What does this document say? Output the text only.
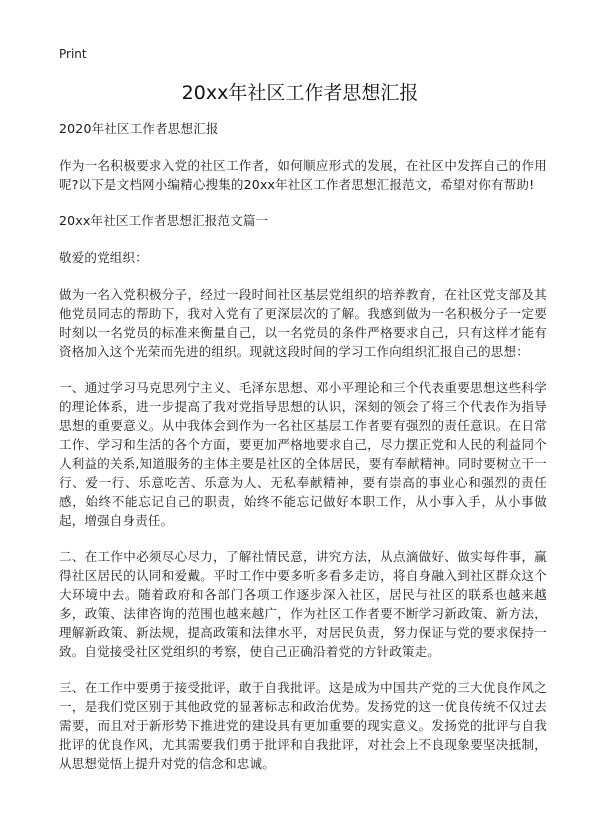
Print
20xx年社区工作者思想汇报

2020年社区工作者思想汇报

作为一名积极要求入党的社区工作者，如何顺应形式的发展，在社区中发挥自己的作用呢?以下是文档网小编精心搜集的20xx年社区工作者思想汇报范文，希望对你有帮助!

20xx年社区工作者思想汇报范文篇一

敬爱的党组织：

做为一名入党积极分子，经过一段时间社区基层党组织的培养教育，在社区党支部及其他党员同志的帮助下，我对入党有了更深层次的了解。我感到做为一名积极分子一定要时刻以一名党员的标准来衡量自己，以一名党员的条件严格要求自己，只有这样才能有资格加入这个光荣而先进的组织。现就这段时间的学习工作向组织汇报自己的思想：

一、通过学习马克思列宁主义、毛泽东思想、邓小平理论和三个代表重要思想这些科学的理论体系，进一步提高了我对党指导思想的认识，深刻的领会了将三个代表作为指导思想的重要意义。从中我体会到作为一名社区基层工作者要有强烈的责任意识。在日常工作、学习和生活的各个方面，要更加严格地要求自己，尽力摆正党和人民的利益同个人利益的关系,知道服务的主体主要是社区的全体居民，要有奉献精神。同时要树立干一行、爱一行、乐意吃苦、乐意为人、无私奉献精神，要有崇高的事业心和强烈的责任感，始终不能忘记自己的职责，始终不能忘记做好本职工作，从小事入手，从小事做起，增强自身责任。

二、在工作中必须尽心尽力，了解社情民意，讲究方法，从点滴做好、做实每件事，赢得社区居民的认同和爱戴。平时工作中要多听多看多走访，将自身融入到社区群众这个大环境中去。随着政府和各部门各项工作逐步深入社区，居民与社区的联系也越来越多，政策、法律咨询的范围也越来越广，作为社区工作者要不断学习新政策、新方法，理解新政策、新法规，提高政策和法律水平，对居民负责，努力保证与党的要求保持一致。自觉接受社区党组织的考察，使自己正确沿着党的方针政策走。

三、在工作中要勇于接受批评，敢于自我批评。这是成为中国共产党的三大优良作风之一，是我们党区别于其他政党的显著标志和政治优势。发扬党的这一优良传统不仅过去需要，而且对于新形势下推进党的建设具有更加重要的现实意义。发扬党的批评与自我批评的优良作风，尤其需要我们勇于批评和自我批评，对社会上不良现象要坚决抵制，从思想觉悟上提升对党的信念和忠诚。
